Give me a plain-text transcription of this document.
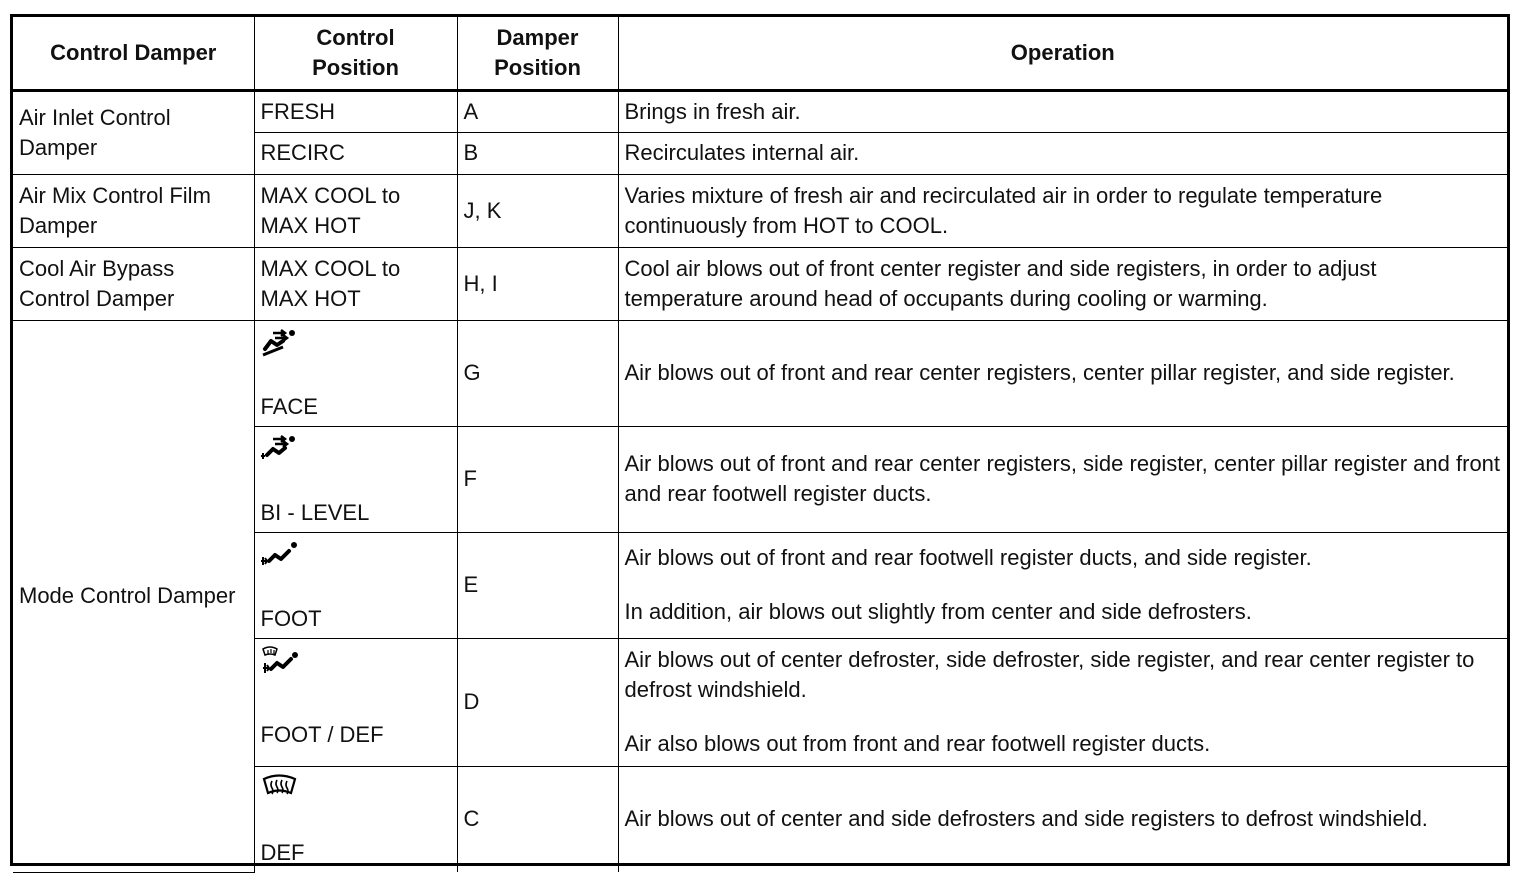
Control Damper	Control Position	Damper Position	Operation
Air Inlet Control Damper	FRESH	A	Brings in fresh air.
	RECIRC	B	Recirculates internal air.
Air Mix Control Film Damper	MAX COOL to MAX HOT	J, K	Varies mixture of fresh air and recirculated air in order to regulate temperature continuously from HOT to COOL.
Cool Air Bypass Control Damper	MAX COOL to MAX HOT	H, I	Cool air blows out of front center register and side registers, in order to adjust temperature around head of occupants during cooling or warming.
Mode Control Damper	FACE	G	Air blows out of front and rear center registers, center pillar register, and side register.

	BI - LEVEL	F	Air blows out of front and rear center registers, side register, center pillar register and front and rear footwell register ducts.

	FOOT	E	Air blows out of front and rear footwell register ducts, and side register.
In addition, air blows out slightly from center and side defrosters.

	FOOT / DEF	D	Air blows out of center defroster, side defroster, side register, and rear center register to defrost windshield.
Air also blows out from front and rear footwell register ducts.

	DEF	C	Air blows out of center and side defrosters and side registers to defrost windshield.
